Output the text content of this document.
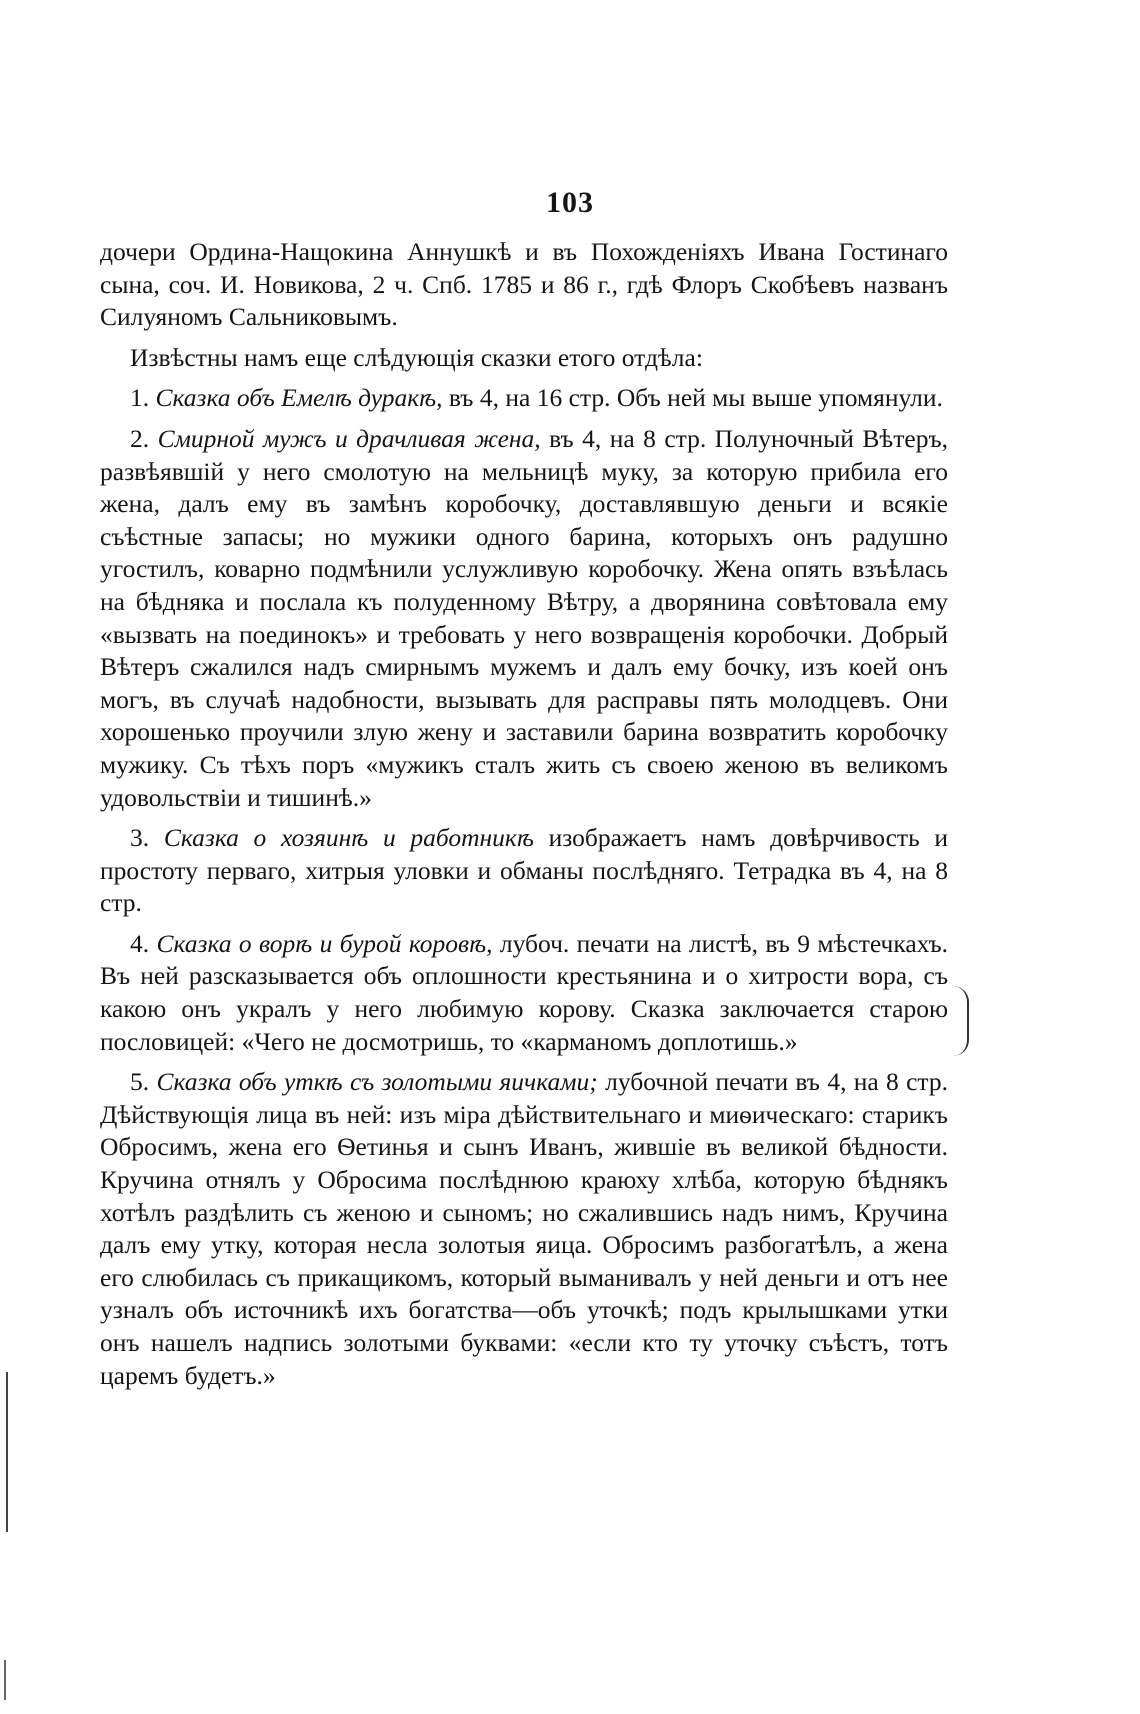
103

дочери Ордина-Нащокина Аннушкѣ и въ Похожденіяхъ Ивана Гостинаго сына, соч. И. Новикова, 2 ч. Спб. 1785 и 86 г., гдѣ Флоръ Скобѣевъ названъ Силуяномъ Сальниковымъ.

Извѣстны намъ еще слѣдующія сказки етого отдѣла:

1. Сказка объ Емелѣ дуракѣ, въ 4, на 16 стр. Объ ней мы выше упомянули.

2. Смирной мужъ и драчливая жена, въ 4, на 8 стр. Полуночный Вѣтеръ, развѣявшій у него смолотую на мельницѣ муку, за которую прибила его жена, далъ ему въ замѣнъ коробочку, доставлявшую деньги и всякіе съѣстные запасы; но мужики одного барина, которыхъ онъ радушно угостилъ, коварно подмѣнили услужливую коробочку. Жена опять взъѣлась на бѣдняка и послала къ полуденному Вѣтру, а дворянина совѣтовала ему «вызвать на поединокъ» и требовать у него возвращенія коробочки. Добрый Вѣтеръ сжалился надъ смирнымъ мужемъ и далъ ему бочку, изъ коей онъ могъ, въ случаѣ надобности, вызывать для расправы пять молодцевъ. Они хорошенько проучили злую жену и заставили барина возвратить коробочку мужику. Съ тѣхъ поръ «мужикъ сталъ жить съ своею женою въ великомъ удовольствіи и тишинѣ.»

3. Сказка о хозяинѣ и работникѣ изображаетъ намъ довѣрчивость и простоту перваго, хитрыя уловки и обманы послѣдняго. Тетрадка въ 4, на 8 стр.

4. Сказка о ворѣ и бурой коровѣ, лубоч. печати на листѣ, въ 9 мѣстечкахъ. Въ ней разсказывается объ оплошности крестьянина и о хитрости вора, съ какою онъ укралъ у него любимую корову. Сказка заключается старою пословицей: «Чего не досмотришь, то «карманомъ доплотишь.»

5. Сказка объ уткѣ съ золотыми яичками; лубочной печати въ 4, на 8 стр. Дѣйствующія лица въ ней: изъ міра дѣйствительнаго и миѳическаго: старикъ Обросимъ, жена его Ѳетинья и сынъ Иванъ, жившіе въ великой бѣдности. Кручина отнялъ у Обросима послѣднюю краюху хлѣба, которую бѣднякъ хотѣлъ раздѣлить съ женою и сыномъ; но сжалившись надъ нимъ, Кручина далъ ему утку, которая несла золотыя яица. Обросимъ разбогатѣлъ, а жена его слюбилась съ прикащикомъ, который выманивалъ у ней деньги и отъ нее узналъ объ источникѣ ихъ богатства—объ уточкѣ; подъ крылышками утки онъ нашелъ надпись золотыми буквами: «если кто ту уточку съѣстъ, тотъ царемъ будетъ.»
